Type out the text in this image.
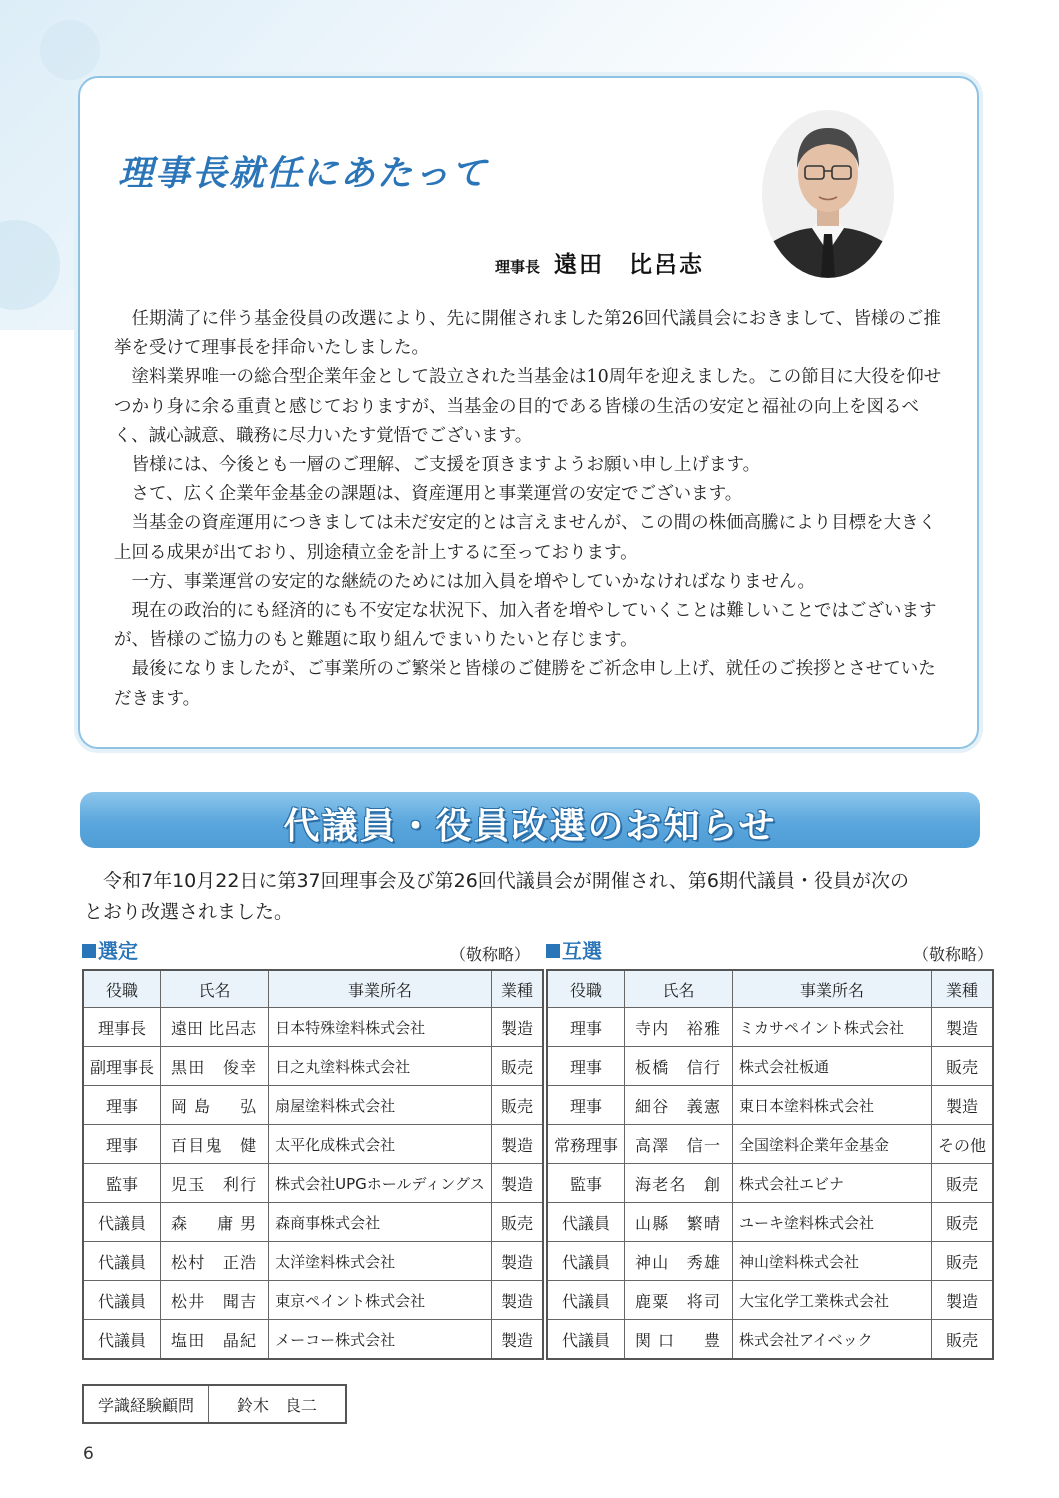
理事長就任にあたって
理事長 遠田　比呂志

任期満了に伴う基金役員の改選により、先に開催されました第26回代議員会におきまして、皆様のご推挙を受けて理事長を拝命いたしました。

塗料業界唯一の総合型企業年金として設立された当基金は10周年を迎えました。この節目に大役を仰せつかり身に余る重責と感じておりますが、当基金の目的である皆様の生活の安定と福祉の向上を図るべく、誠心誠意、職務に尽力いたす覚悟でございます。

皆様には、今後とも一層のご理解、ご支援を頂きますようお願い申し上げます。

さて、広く企業年金基金の課題は、資産運用と事業運営の安定でございます。

当基金の資産運用につきましては未だ安定的とは言えませんが、この間の株価高騰により目標を大きく上回る成果が出ており、別途積立金を計上するに至っております。

一方、事業運営の安定的な継続のためには加入員を増やしていかなければなりません。

現在の政治的にも経済的にも不安定な状況下、加入者を増やしていくことは難しいことではございますが、皆様のご協力のもと難題に取り組んでまいりたいと存じます。

最後になりましたが、ご事業所のご繁栄と皆様のご健勝をご祈念申し上げ、就任のご挨拶とさせていただきます。

代議員・役員改選のお知らせ
令和7年10月22日に第37回理事会及び第26回代議員会が開催され、第6期代議員・役員が次の
とおり改選されました。
選定	（敬称略）	互選	（敬称略）
役職	氏名	事業所名	業種
理事長	遠田 比呂志	日本特殊塗料株式会社	製造
副理事長	黒田　俊幸	日之丸塗料株式会社	販売
理事	岡島　弘	扇屋塗料株式会社	販売
理事	百目鬼　健	太平化成株式会社	製造
監事	児玉　利行	株式会社UPGホールディングス	製造
代議員	森　庸男	森商事株式会社	販売
代議員	松村　正浩	太洋塗料株式会社	製造
代議員	松井　聞吉	東京ペイント株式会社	製造
代議員	塩田　晶紀	メーコー株式会社	製造
役職	氏名	事業所名	業種
理事	寺内　裕雅	ミカサペイント株式会社	製造
理事	板橋　信行	株式会社板通	販売
理事	細谷　義憲	東日本塗料株式会社	製造
常務理事	高澤　信一	全国塗料企業年金基金	その他
監事	海老名　創	株式会社エビナ	販売
代議員	山縣　繁晴	ユーキ塗料株式会社	販売
代議員	神山　秀雄	神山塗料株式会社	販売
代議員	鹿粟　将司	大宝化学工業株式会社	製造
代議員	関口　豊	株式会社アイベック	販売
学識経験顧問	鈴木　良二
6
